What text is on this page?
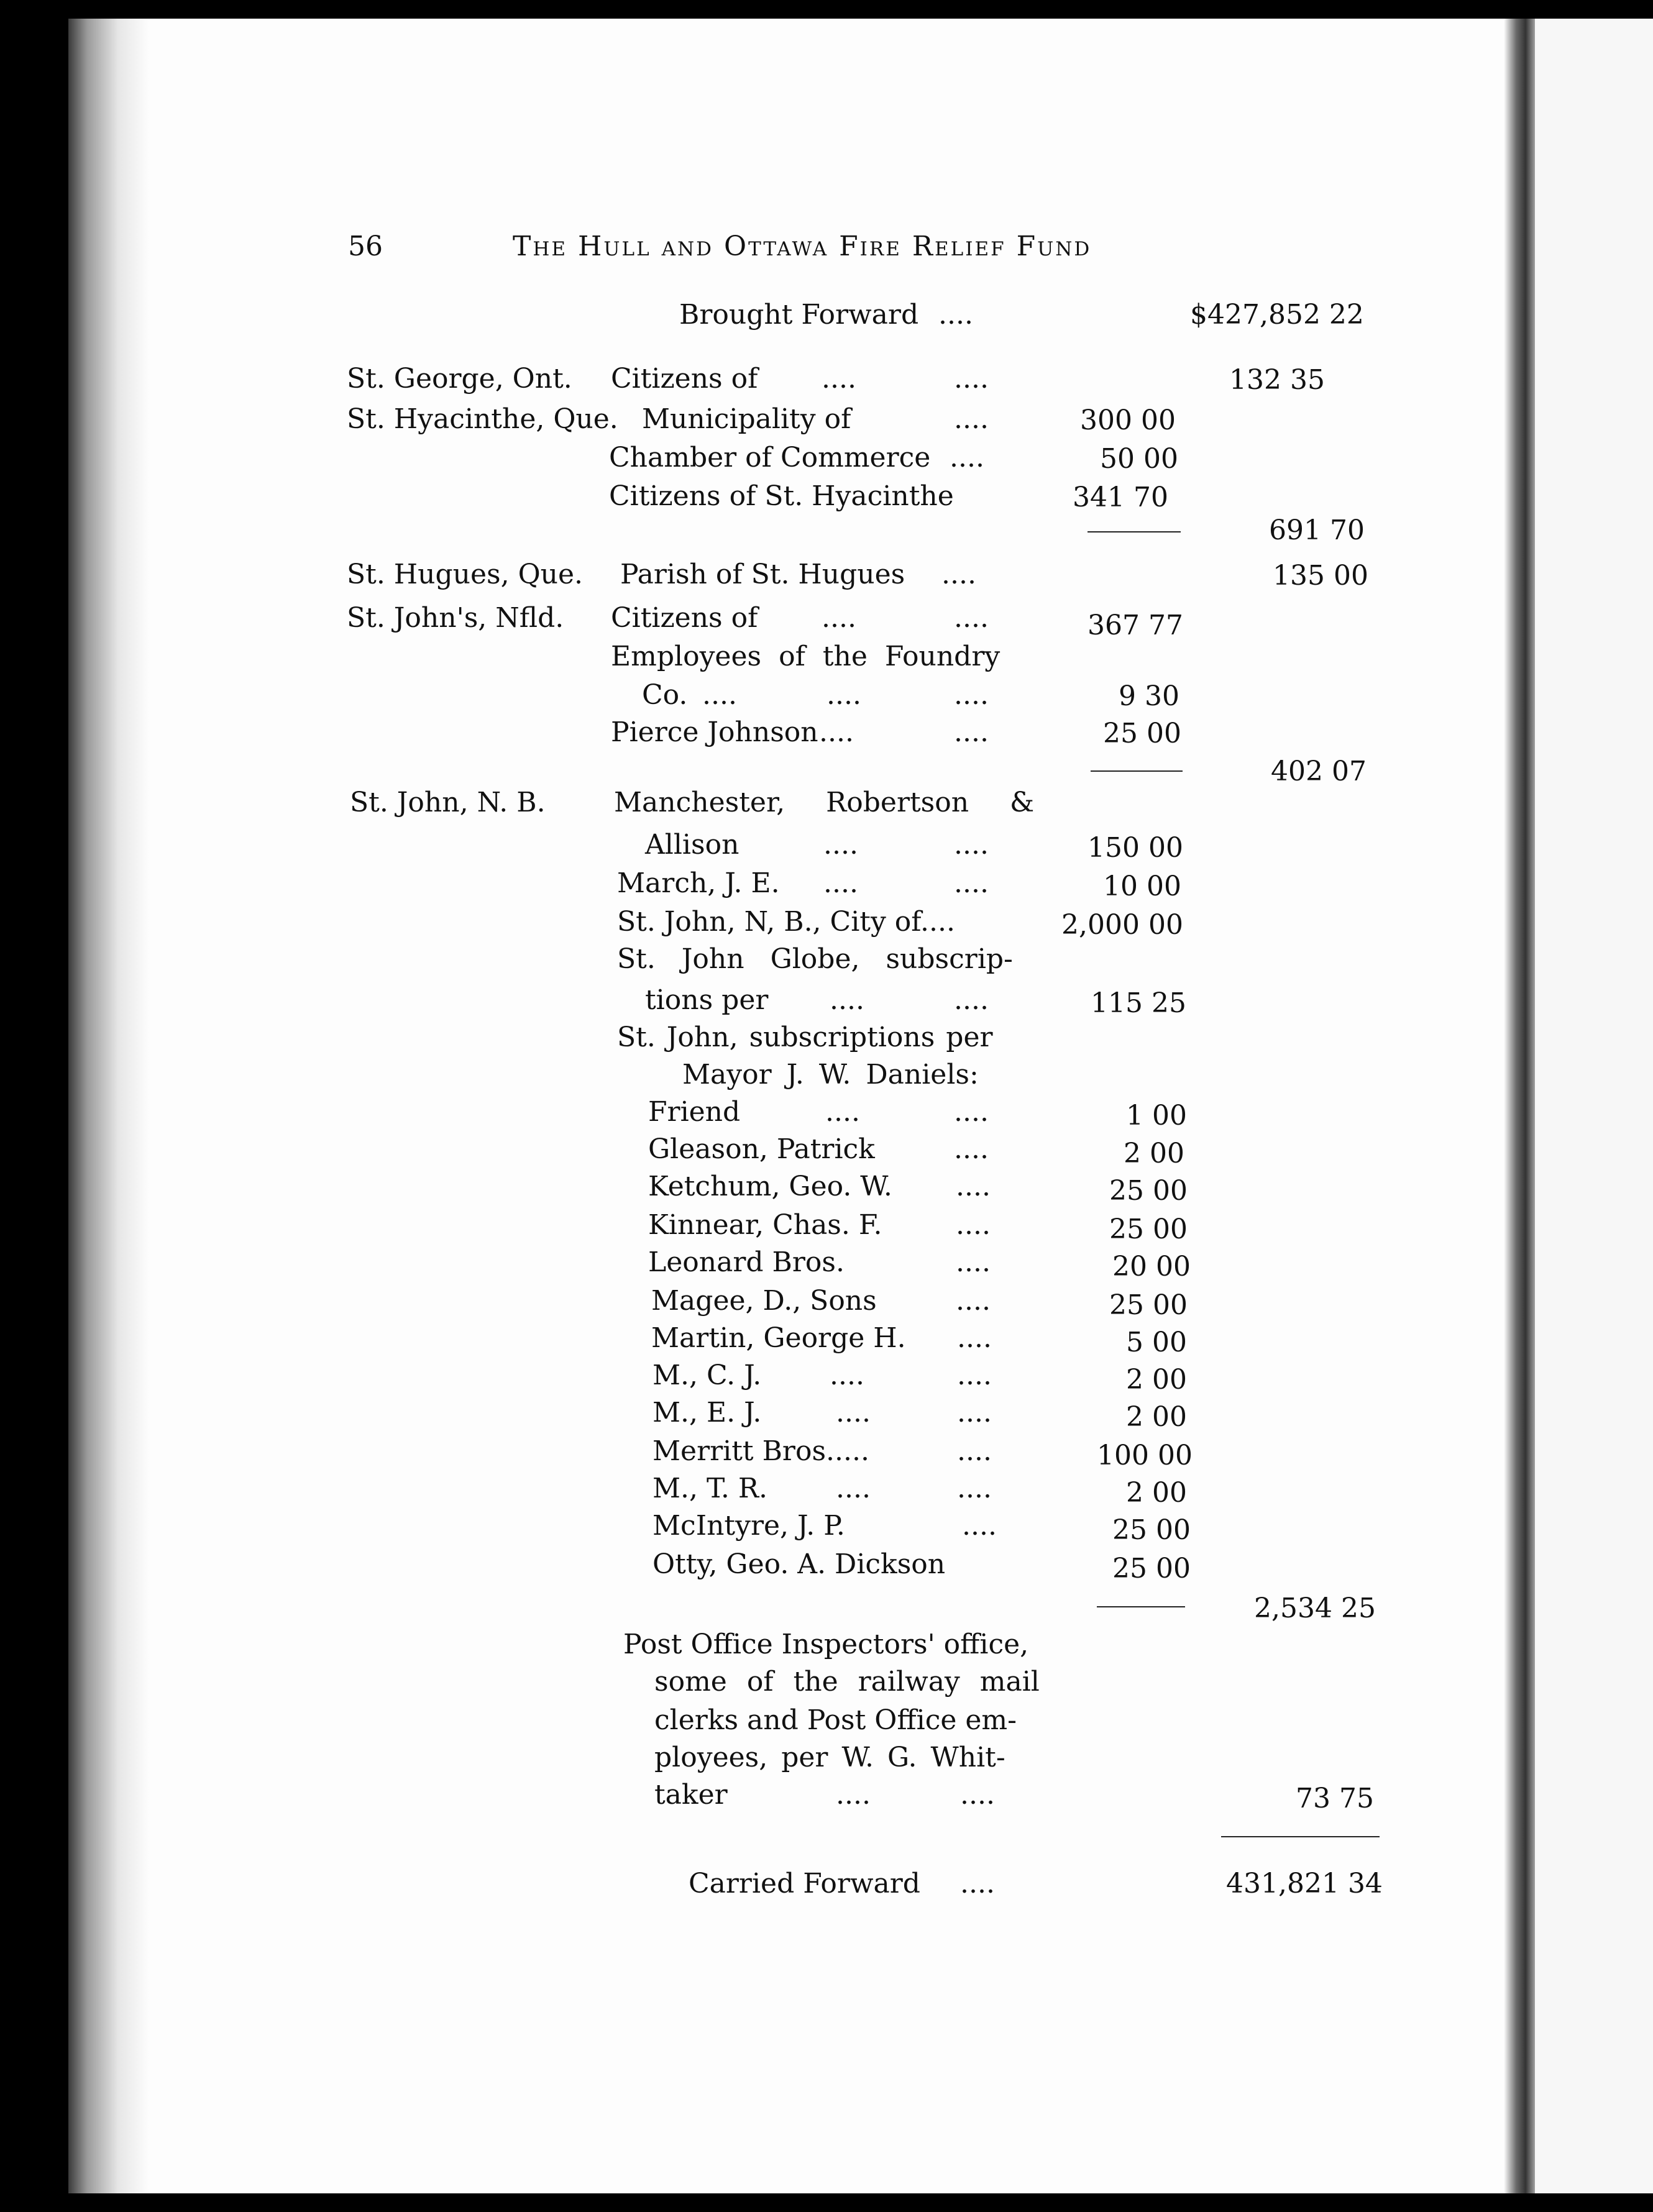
56	The Hull and Ottawa Fire Relief Fund
Brought Forward ....	$427,852 22
St. George, Ont. Citizens of ....	....	132 35
St. Hyacinthe, Que. Municipality of	....	300 00
Chamber of Commerce ....	50 00
Citizens of St. Hyacinthe	341 70
691 70
St. Hugues, Que. Parish of St. Hugues ....	135 00
St. John's, Nfld. Citizens of ....	....	367 77
Employees of the Foundry
Co. ....	....	....	9 30
Pierce Johnson ....	....	25 00
402 07
St. John, N. B.	Manchester, Robertson &
Allison	....	....	150 00
March, J. E. ....	....	10 00
St. John, N, B., City of....	2,000 00
St. John Globe, subscrip-
tions per ....	....	115 25
St. John, subscriptions per
Mayor J. W. Daniels:
Friend	....	....	1 00
Gleason, Patrick	....	2 00
Ketchum, Geo. W. ....	25 00
Kinnear, Chas. F.	....	25 00
Leonard Bros.	....	20 00
Magee, D., Sons	....	25 00
Martin, George H. ....	5 00
M., C. J. ....	....	2 00
M., E. J.	....	....	2 00
Merritt Bros.....	....	100 00
M., T. R.	....	....	2 00
McIntyre, J. P.	....	25 00
Otty, Geo. A. Dickson	25 00
2,534 25
Post Office Inspectors' office,
some of the railway mail
clerks and Post Office em-
ployees, per W. G. Whit-
taker	....	....	73 75
Carried Forward ....	431,821 34
